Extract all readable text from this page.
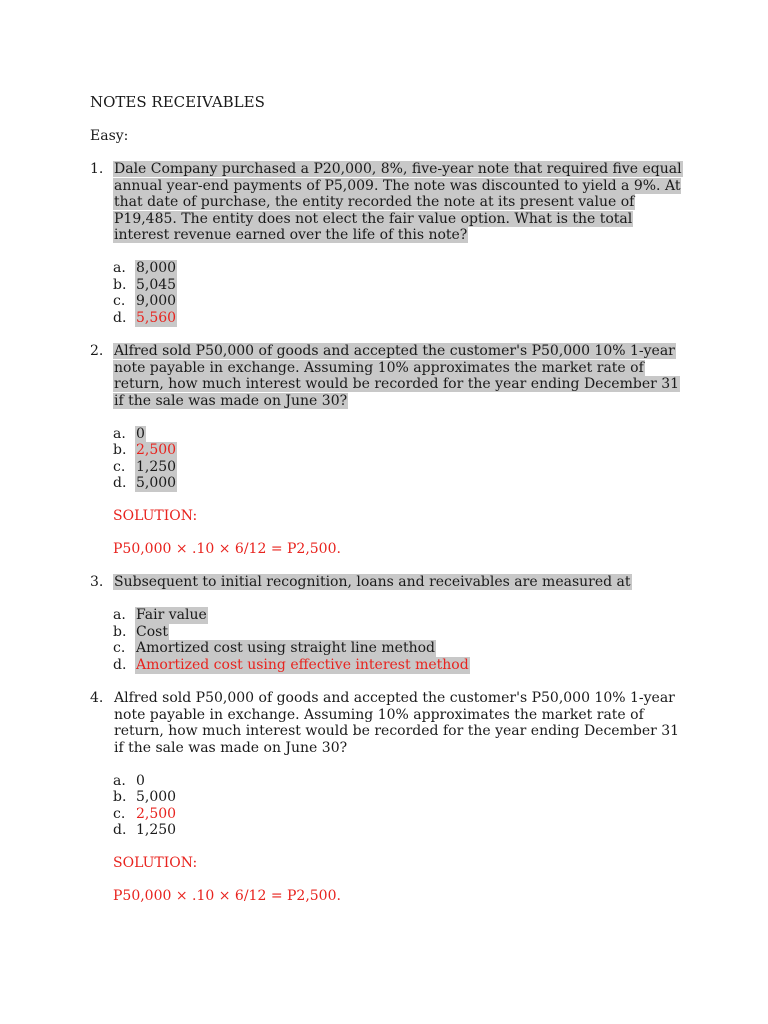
NOTES RECEIVABLES
Easy:
1. Dale Company purchased a P20,000, 8%, five-year note that required five equal
annual year-end payments of P5,009. The note was discounted to yield a 9%. At
that date of purchase, the entity recorded the note at its present value of
P19,485. The entity does not elect the fair value option. What is the total
interest revenue earned over the life of this note?
a. 8,000
b. 5,045
c. 9,000
d. 5,560
2. Alfred sold P50,000 of goods and accepted the customer's P50,000 10% 1-year
note payable in exchange. Assuming 10% approximates the market rate of
return, how much interest would be recorded for the year ending December 31
if the sale was made on June 30?
a. 0
b. 2,500
c. 1,250
d. 5,000
SOLUTION:
P50,000 × .10 × 6/12 = P2,500.
3. Subsequent to initial recognition, loans and receivables are measured at
a. Fair value
b. Cost
c. Amortized cost using straight line method
d. Amortized cost using effective interest method
4. Alfred sold P50,000 of goods and accepted the customer's P50,000 10% 1-year
note payable in exchange. Assuming 10% approximates the market rate of
return, how much interest would be recorded for the year ending December 31
if the sale was made on June 30?
a. 0
b. 5,000
c. 2,500
d. 1,250
SOLUTION:
P50,000 × .10 × 6/12 = P2,500.
